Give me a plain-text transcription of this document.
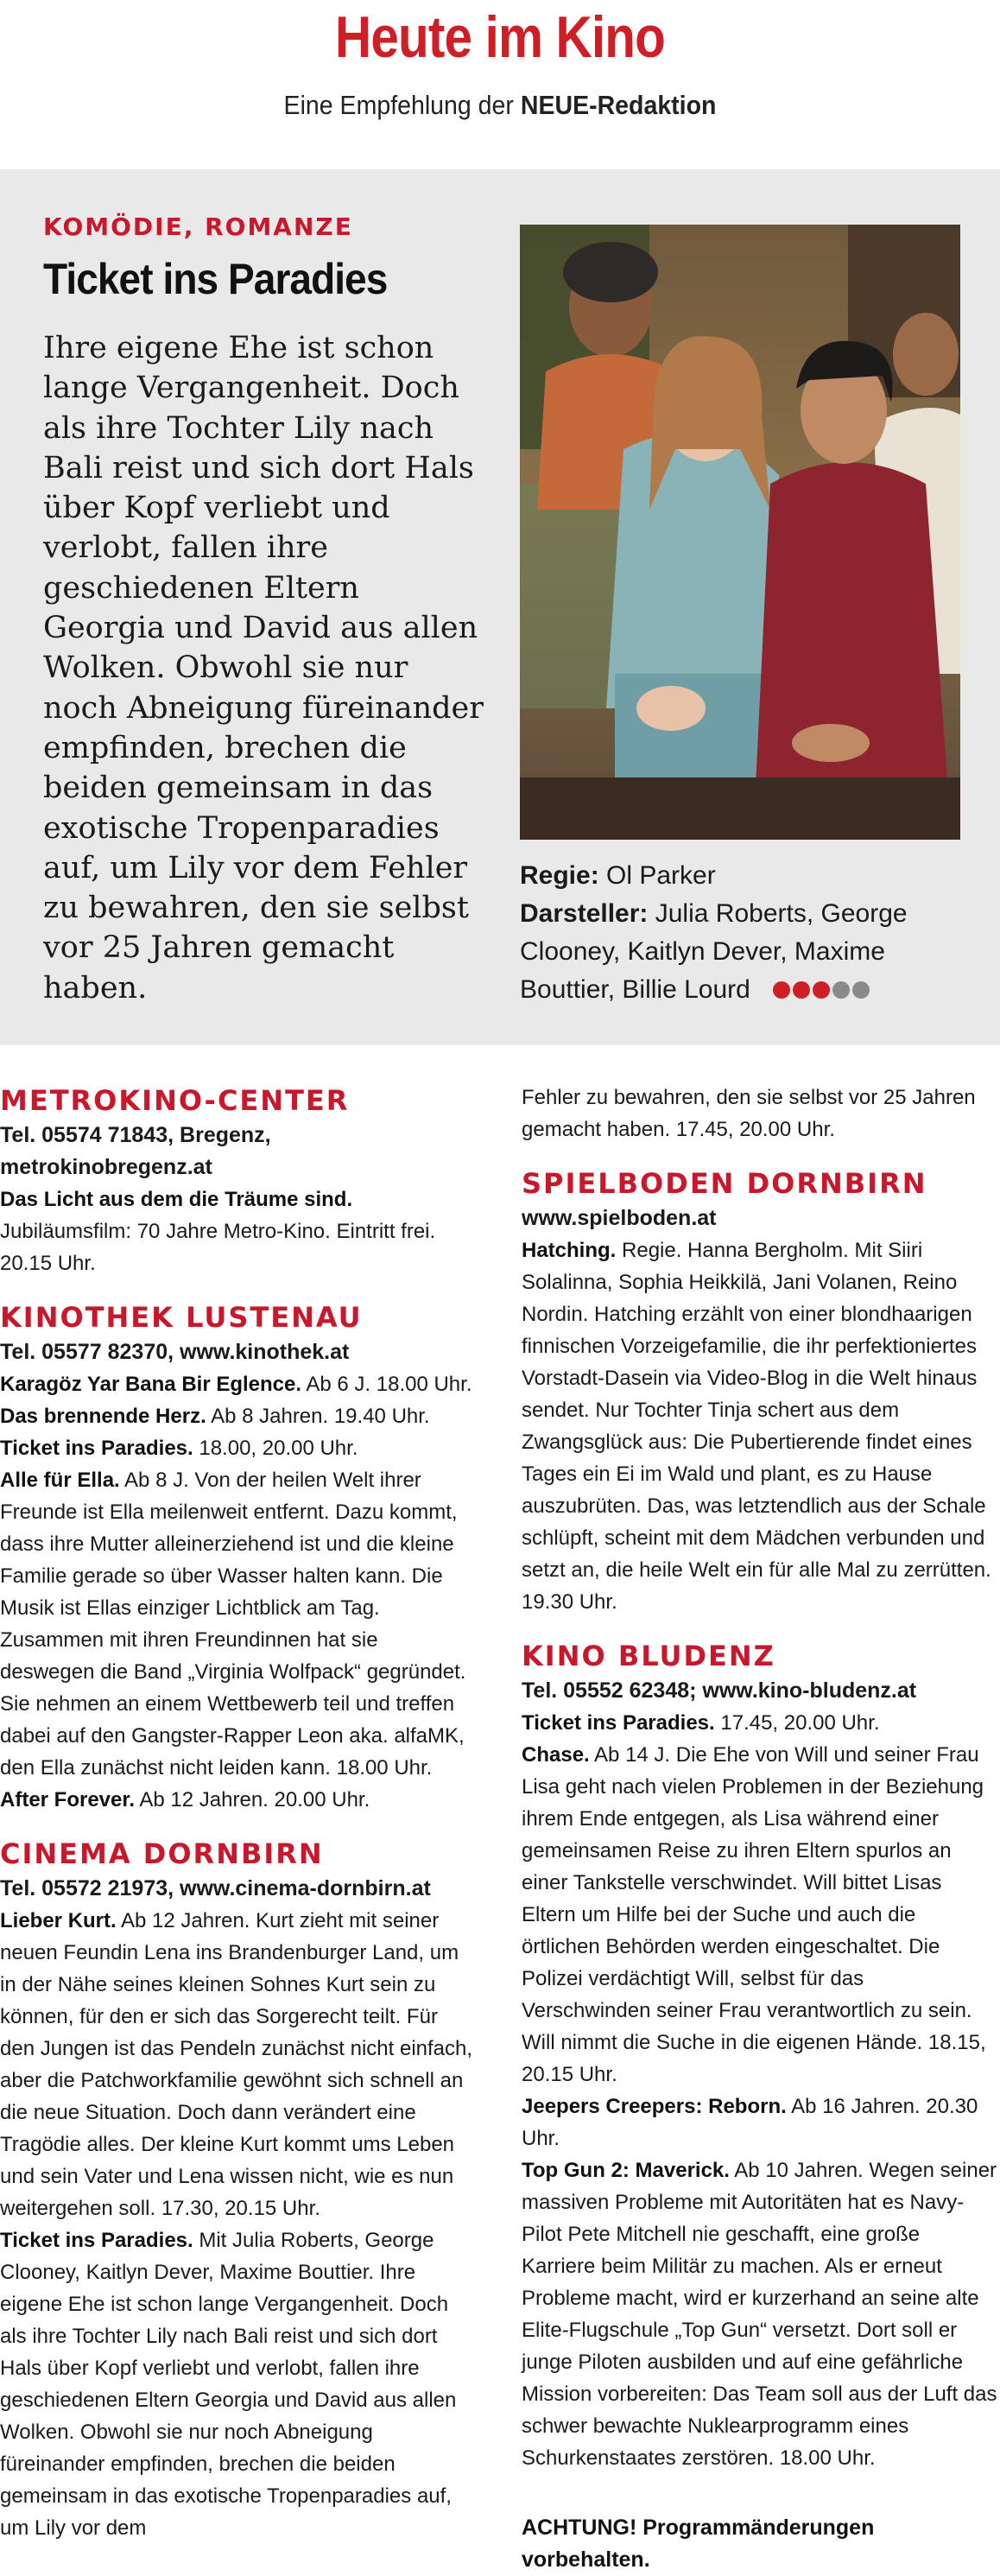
Heute im Kino
Eine Empfehlung der NEUE-Redaktion
KOMÖDIE, ROMANZE
Ticket ins Paradies
Ihre eigene Ehe ist schon lange Vergangenheit. Doch als ihre Tochter Lily nach Bali reist und sich dort Hals über Kopf verliebt und verlobt, fallen ihre geschiedenen Eltern Georgia und David aus allen Wolken. Obwohl sie nur noch Abneigung füreinander empfinden, brechen die beiden gemeinsam in das exotische Tropenparadies auf, um Lily vor dem Fehler zu bewahren, den sie selbst vor 25 Jahren gemacht haben.
Regie: Ol Parker
Darsteller: Julia Roberts, George Clooney, Kaitlyn Dever, Maxime Bouttier, Billie Lourd
METROKINO-CENTER
Tel. 05574 71843, Bregenz, metrokinobregenz.at

Das Licht aus dem die Träume sind. Jubiläumsfilm: 70 Jahre Metro-Kino. Eintritt frei. 20.15 Uhr.

KINOTHEK LUSTENAU
Tel. 05577 82370, www.kinothek.at

Karagöz Yar Bana Bir Eglence. Ab 6 J. 18.00 Uhr.

Das brennende Herz. Ab 8 Jahren. 19.40 Uhr.

Ticket ins Paradies. 18.00, 20.00 Uhr.

Alle für Ella. Ab 8 J. Von der heilen Welt ihrer Freunde ist Ella meilenweit entfernt. Dazu kommt, dass ihre Mutter alleinerziehend ist und die kleine Familie gerade so über Wasser halten kann. Die Musik ist Ellas einziger Lichtblick am Tag. Zusammen mit ihren Freundinnen hat sie deswegen die Band „Virginia Wolfpack“ gegründet. Sie nehmen an einem Wettbewerb teil und treffen dabei auf den Gangster-Rapper Leon aka. alfaMK, den Ella zunächst nicht leiden kann. 18.00 Uhr.

After Forever. Ab 12 Jahren. 20.00 Uhr.

CINEMA DORNBIRN
Tel. 05572 21973, www.cinema-dornbirn.at

Lieber Kurt. Ab 12 Jahren. Kurt zieht mit seiner neuen Feundin Lena ins Brandenburger Land, um in der Nähe seines kleinen Sohnes Kurt sein zu können, für den er sich das Sorgerecht teilt. Für den Jungen ist das Pendeln zunächst nicht einfach, aber die Patchworkfamilie gewöhnt sich schnell an die neue Situation. Doch dann verändert eine Tragödie alles. Der kleine Kurt kommt ums Leben und sein Vater und Lena wissen nicht, wie es nun weitergehen soll. 17.30, 20.15 Uhr.

Ticket ins Paradies. Mit Julia Roberts, George Clooney, Kaitlyn Dever, Maxime Bouttier. Ihre eigene Ehe ist schon lange Vergangenheit. Doch als ihre Tochter Lily nach Bali reist und sich dort Hals über Kopf verliebt und verlobt, fallen ihre geschiedenen Eltern Georgia und David aus allen Wolken. Obwohl sie nur noch Abneigung füreinander empfinden, brechen die beiden gemeinsam in das exotische Tropenparadies auf, um Lily vor dem

Fehler zu bewahren, den sie selbst vor 25 Jahren gemacht haben. 17.45, 20.00 Uhr.

SPIELBODEN DORNBIRN
www.spielboden.at

Hatching. Regie. Hanna Bergholm. Mit Siiri Solalinna, Sophia Heikkilä, Jani Volanen, Reino Nordin. Hatching erzählt von einer blondhaarigen finnischen Vorzeigefamilie, die ihr perfektioniertes Vorstadt-Dasein via Video-Blog in die Welt hinaus sendet. Nur Tochter Tinja schert aus dem Zwangsglück aus: Die Pubertierende findet eines Tages ein Ei im Wald und plant, es zu Hause auszubrüten. Das, was letztendlich aus der Schale schlüpft, scheint mit dem Mädchen verbunden und setzt an, die heile Welt ein für alle Mal zu zerrütten. 19.30 Uhr.

KINO BLUDENZ
Tel. 05552 62348; www.kino-bludenz.at

Ticket ins Paradies. 17.45, 20.00 Uhr.

Chase. Ab 14 J. Die Ehe von Will und seiner Frau Lisa geht nach vielen Problemen in der Beziehung ihrem Ende entgegen, als Lisa während einer gemeinsamen Reise zu ihren Eltern spurlos an einer Tankstelle verschwindet. Will bittet Lisas Eltern um Hilfe bei der Suche und auch die örtlichen Behörden werden eingeschaltet. Die Polizei verdächtigt Will, selbst für das Verschwinden seiner Frau verantwortlich zu sein. Will nimmt die Suche in die eigenen Hände. 18.15, 20.15 Uhr.

Jeepers Creepers: Reborn. Ab 16 Jahren. 20.30 Uhr.

Top Gun 2: Maverick. Ab 10 Jahren. Wegen seiner massiven Probleme mit Autoritäten hat es Navy-Pilot Pete Mitchell nie geschafft, eine große Karriere beim Militär zu machen. Als er erneut Probleme macht, wird er kurzerhand an seine alte Elite-Flugschule „Top Gun“ versetzt. Dort soll er junge Piloten ausbilden und auf eine gefährliche Mission vorbereiten: Das Team soll aus der Luft das schwer bewachte Nuklearprogramm eines Schurkenstaates zerstören. 18.00 Uhr.

ACHTUNG! Programmänderungen vorbehalten.
